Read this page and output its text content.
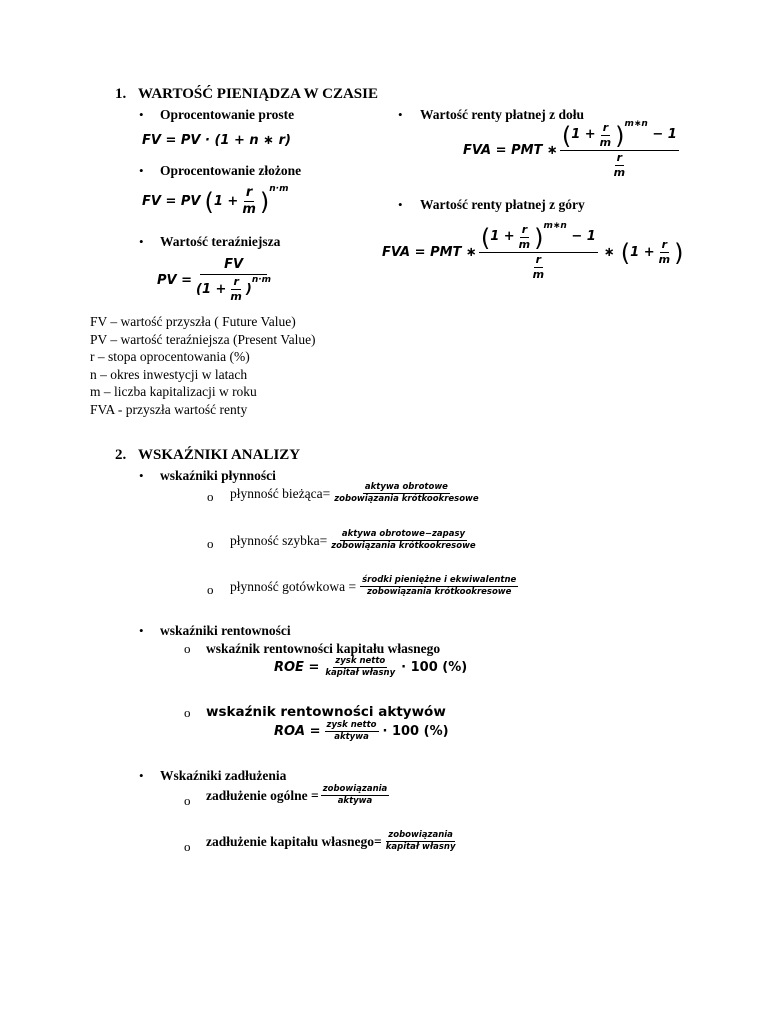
1. WARTOŚĆ PIENIĄDZA W CZASIE
• Oprocentowanie proste
FV = PV · (1 + n ∗ r)
• Oprocentowanie złożone
FV = PV ( $1 + \frac{r}{m}$ ) n·m
• Wartość teraźniejsza
PV = FV
($1 + \frac{r}{m}$ )
n·m
• Wartość renty płatnej z dołu
FVA = PMT ∗ ( $1 + \frac{r}{m}$ ) m∗n
− 1
$\frac{r}{m}$
• Wartość renty płatnej z góry
FVA = PMT ∗ ( $1 + \frac{r}{m}$ ) m∗n
− 1
$\frac{r}{m}$ ∗ ( $1 + \frac{r}{m}$ )
FV – wartość przyszła ( Future Value)
PV – wartość teraźniejsza (Present Value)
r – stopa oprocentowania (%)
n – okres inwestycji w latach
m – liczba kapitalizacji w roku
FVA - przyszła wartość renty
2. WSKAŹNIKI ANALIZY
• wskaźniki płynności
o płynność bieżąca= $\frac{\text{aktywa obrotowe}}{\text{zobowiązania krótkookresowe}}$
o płynność szybka= $\frac{\text{aktywa obrotowe−zapasy}}{\text{zobowiązania krótkookresowe}}$
o płynność gotówkowa = $\frac{\text{środki pieniężne i ekwiwalentne}}{\text{zobowiązania krótkookresowe}}$
• wskaźniki rentowności
o wskaźnik rentowności kapitału własnego
ROE = $\frac{\text{zysk netto}}{\text{kapitał własny}} \cdot 100$ (%)
o wskaźnik rentowności aktywów
ROA = $\frac{\text{zysk netto}}{\text{aktywa}} \cdot 100$ (%)
• Wskaźniki zadłużenia
o zadłużenie ogólne = $\frac{\text{zobowiązania}}{\text{aktywa}}$
o zadłużenie kapitału własnego= $\frac{\text{zobowiązania}}{\text{kapitał własny}}$
